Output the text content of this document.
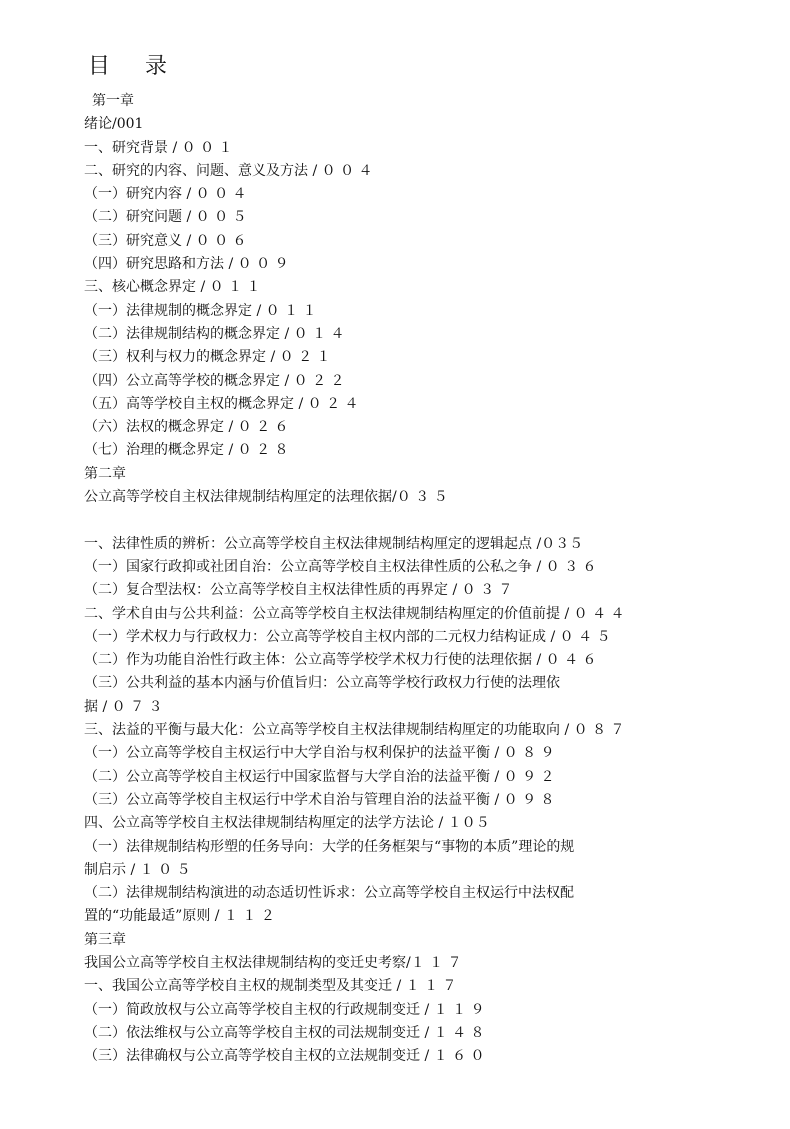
目 录
第一章
绪论/001
一、研究背景 / ０ ０ １
二、研究的内容、问题、意义及方法 / ０ ０ ４
（一）研究内容 / ０ ０ ４
（二）研究问题 / ０ ０ ５
（三）研究意义 / ０ ０ ６
（四）研究思路和方法 / ０ ０ ９
三、核心概念界定 / ０ １ １
（一）法律规制的概念界定 / ０ １ １
（二）法律规制结构的概念界定 / ０ １ ４
（三）权利与权力的概念界定 / ０ ２ １
（四）公立高等学校的概念界定 / ０ ２ ２
（五）高等学校自主权的概念界定 / ０ ２ ４
（六）法权的概念界定 / ０ ２ ６
（七）治理的概念界定 / ０ ２ ８
第二章
公立高等学校自主权法律规制结构厘定的法理依据/０ ３ ５
一、法律性质的辨析：公立高等学校自主权法律规制结构厘定的逻辑起点 /０３５
（一）国家行政抑或社团自治：公立高等学校自主权法律性质的公私之争 / ０ ３ ６
（二）复合型法权：公立高等学校自主权法律性质的再界定 / ０ ３ ７
二、学术自由与公共利益：公立高等学校自主权法律规制结构厘定的价值前提 / ０ ４ ４
（一）学术权力与行政权力：公立高等学校自主权内部的二元权力结构证成 / ０ ４ ５
（二）作为功能自治性行政主体：公立高等学校学术权力行使的法理依据 / ０ ４ ６
（三）公共利益的基本内涵与价值旨归：公立高等学校行政权力行使的法理依
据 / ０ ７ ３
三、法益的平衡与最大化：公立高等学校自主权法律规制结构厘定的功能取向 / ０ ８ ７
（一）公立高等学校自主权运行中大学自治与权利保护的法益平衡 / ０ ８ ９
（二）公立高等学校自主权运行中国家监督与大学自治的法益平衡 / ０ ９ ２
（三）公立高等学校自主权运行中学术自治与管理自治的法益平衡 / ０ ９ ８
四、公立高等学校自主权法律规制结构厘定的法学方法论 / １０５
（一）法律规制结构形塑的任务导向：大学的任务框架与“事物的本质”理论的规
制启示 / １ ０ ５
（二）法律规制结构演进的动态适切性诉求：公立高等学校自主权运行中法权配
置的“功能最适”原则 / １ １ ２
第三章
我国公立高等学校自主权法律规制结构的变迁史考察/１ １ ７
一、我国公立高等学校自主权的规制类型及其变迁 / １ １ ７
（一）简政放权与公立高等学校自主权的行政规制变迁 / １ １ ９
（二）依法维权与公立高等学校自主权的司法规制变迁 / １ ４ ８
（三）法律确权与公立高等学校自主权的立法规制变迁 / １ ６ ０
